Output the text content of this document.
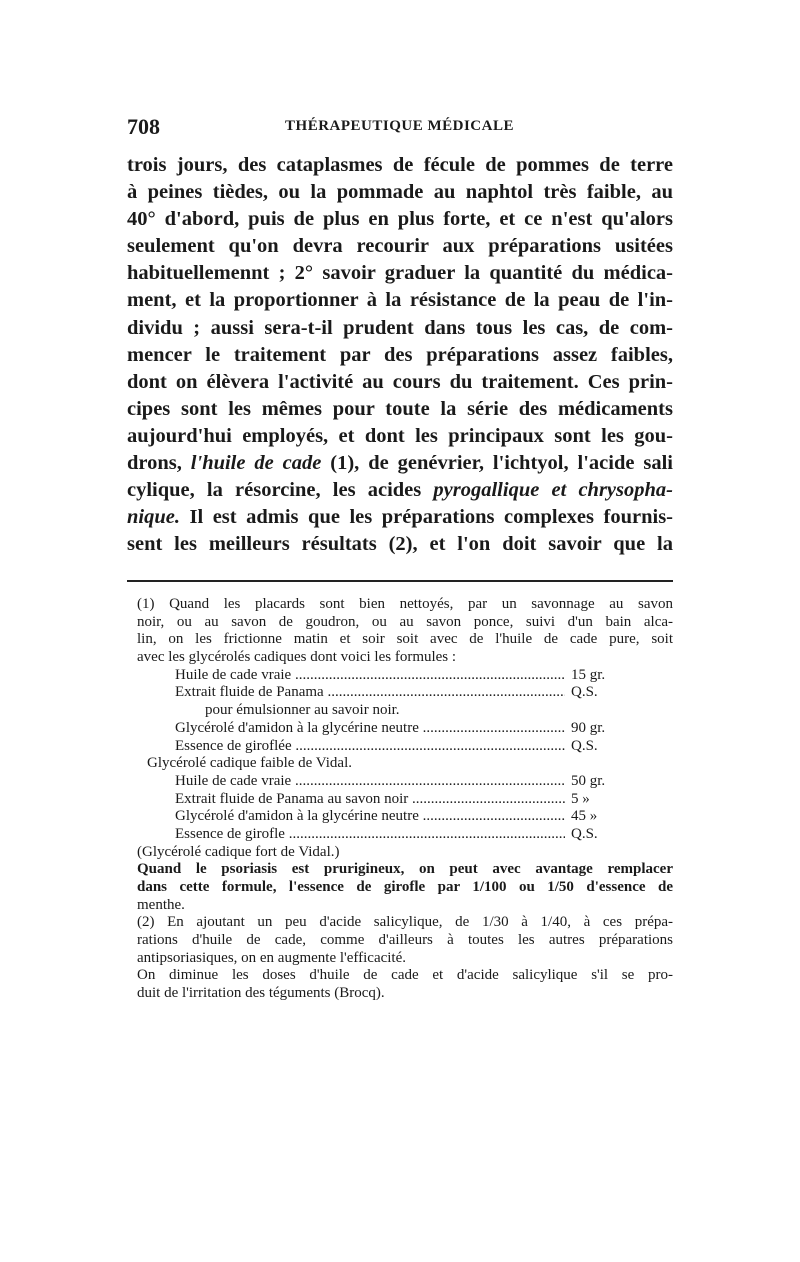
708	THÉRAPEUTIQUE MÉDICALE
trois jours, des cataplasmes de fécule de pommes de terre
à peines tièdes, ou la pommade au naphtol très faible, au
40° d'abord, puis de plus en plus forte, et ce n'est qu'alors
seulement qu'on devra recourir aux préparations usitées
habituellemennt ; 2° savoir graduer la quantité du médica-
ment, et la proportionner à la résistance de la peau de l'in-
dividu ; aussi sera-t-il prudent dans tous les cas, de com-
mencer le traitement par des préparations assez faibles,
dont on élèvera l'activité au cours du traitement. Ces prin-
cipes sont les mêmes pour toute la série des médicaments
aujourd'hui employés, et dont les principaux sont les gou-
drons, l'huile de cade (1), de genévrier, l'ichtyol, l'acide sali
cylique, la résorcine, les acides pyrogallique et chrysopha-
nique. Il est admis que les préparations complexes fournis-
sent les meilleurs résultats (2), et l'on doit savoir que la
(1) Quand les placards sont bien nettoyés, par un savonnage au savon
noir, ou au savon de goudron, ou au savon ponce, suivi d'un bain alca-
lin, on les frictionne matin et soir soit avec de l'huile de cade pure, soit
avec les glycérolés cadiques dont voici les formules :
Huile de cade vraie .....	15 gr.
Extrait fluide de Panama .....	Q.S.
pour émulsionner au savoir noir.
Glycérolé d'amidon à la glycérine neutre .....	90 gr.
Essence de giroflée .....	Q.S.
Glycérolé cadique faible de Vidal.
Huile de cade vraie .....	50 gr.
Extrait fluide de Panama au savon noir .....	5 »
Glycérolé d'amidon à la glycérine neutre .....	45 »
Essence de girofle .....	Q.S.
(Glycérolé cadique fort de Vidal.)
Quand le psoriasis est prurigineux, on peut avec avantage remplacer
dans cette formule, l'essence de girofle par 1/100 ou 1/50 d'essence de
menthe.
(2) En ajoutant un peu d'acide salicylique, de 1/30 à 1/40, à ces prépa-
rations d'huile de cade, comme d'ailleurs à toutes les autres préparations
antipsoriasiques, on en augmente l'efficacité.
On diminue les doses d'huile de cade et d'acide salicylique s'il se pro-
duit de l'irritation des téguments (Brocq).
